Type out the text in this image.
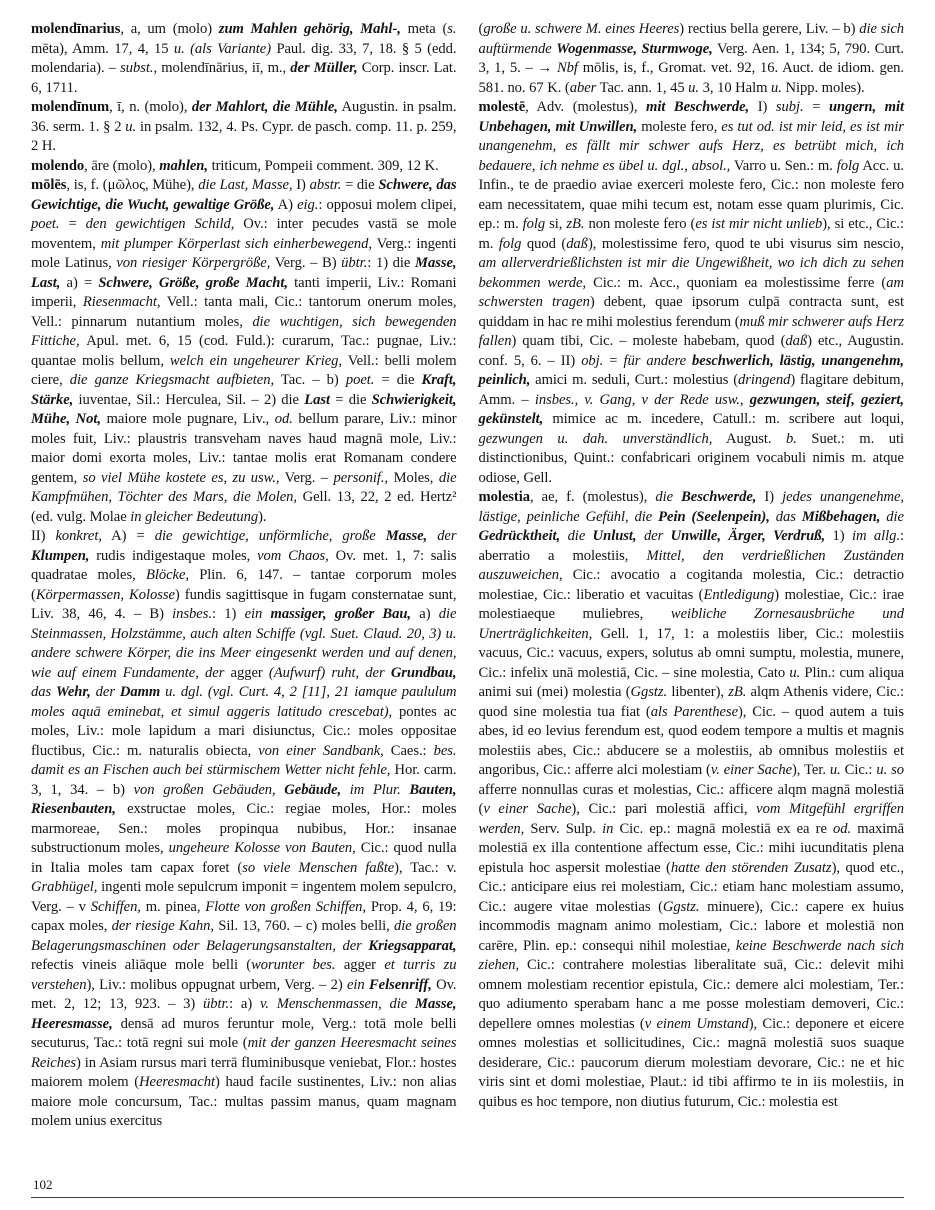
molendīnarius, a, um (molo) zum Mahlen gehörig, Mahl-, meta (s. mēta), Amm. 17, 4, 15 u. (als Variante) Paul. dig. 33, 7, 18. § 5 (edd. molendaria). – subst., molendīnārius, iī, m., der Müller, Corp. inscr. Lat. 6, 1711.

molendīnum, ī, n. (molo), der Mahlort, die Mühle, Augustin. in psalm. 36. serm. 1. § 2 u. in psalm. 132, 4. Ps. Cypr. de pasch. comp. 11. p. 259, 2 H.

molendo, āre (molo), mahlen, triticum, Pompeii comment. 309, 12 K.

mōlēs, is, f. (μῶλος, Mühe), die Last, Masse, I) abstr. = die Schwere, das Gewichtige, die Wucht, gewaltige Größe, A) eig.: opposui molem clipei, poet. = den gewichtigen Schild, Ov.: inter pecudes vastā se mole moventem, mit plumper Körperlast sich einherbewegend, Verg.: ingenti mole Latinus, von riesiger Körpergröße, Verg. – B) übtr.: 1) die Masse, Last, a) = Schwere, Größe, große Macht, tanti imperii, Liv.: Romani imperii, Riesenmacht, Vell.: tanta mali, Cic.: tantorum onerum moles, Vell.: pinnarum nutantium moles, die wuchtigen, sich bewegenden Fittiche, Apul. met. 6, 15 (cod. Fuld.): curarum, Tac.: pugnae, Liv.: quantae molis bellum, welch ein ungeheurer Krieg, Vell.: belli molem ciere, die ganze Kriegsmacht aufbieten, Tac. – b) poet. = die Kraft, Stärke, iuventae, Sil.: Herculea, Sil. – 2) die Last = die Schwierigkeit, Mühe, Not, maiore mole pugnare, Liv., od. bellum parare, Liv.: minor moles fuit, Liv.: plaustris transveham naves haud magnā mole, Liv.: maior domi exorta moles, Liv.: tantae molis erat Romanam condere gentem, so viel Mühe kostete es, zu usw., Verg. – personif., Moles, die Kampfmühen, Töchter des Mars, die Molen, Gell. 13, 22, 2 ed. Hertz² (ed. vulg. Molae in gleicher Bedeutung).

II) konkret, A) = die gewichtige, unförmliche, große Masse, der Klumpen, rudis indigestaque moles, vom Chaos, Ov. met. 1, 7: salis quadratae moles, Blöcke, Plin. 6, 147. – tantae corporum moles (Körpermassen, Kolosse) fundis sagittisque in fugam consternatae sunt, Liv. 38, 46, 4. – B) insbes.: 1) ein massiger, großer Bau, a) die Steinmassen, Holzstämme, auch alten Schiffe (vgl. Suet. Claud. 20, 3) u. andere schwere Körper, die ins Meer eingesenkt werden und auf denen, wie auf einem Fundamente, der agger (Aufwurf) ruht, der Grundbau, das Wehr, der Damm u. dgl. (vgl. Curt. 4, 2 [11], 21 iamque paululum moles aquā eminebat, et simul aggeris latitudo crescebat), pontes ac moles, Liv.: mole lapidum a mari disiunctus, Cic.: moles oppositae fluctibus, Cic.: m. naturalis obiecta, von einer Sandbank, Caes.: bes. damit es an Fischen auch bei stürmischem Wetter nicht fehle, Hor. carm. 3, 1, 34. – b) von großen Gebäuden, Gebäude, im Plur. Bauten, Riesenbauten, exstructae moles, Cic.: regiae moles, Hor.: moles marmoreae, Sen.: moles propinqua nubibus, Hor.: insanae substructionum moles, ungeheure Kolosse von Bauten, Cic.: quod nulla in Italia moles tam capax foret (so viele Menschen faßte), Tac.: v. Grabhügel, ingenti mole sepulcrum imponit = ingentem molem sepulcro, Verg. – v Schiffen, m. pinea, Flotte von großen Schiffen, Prop. 4, 6, 19: capax moles, der riesige Kahn, Sil. 13, 760. – c) moles belli, die großen Belagerungsmaschinen oder Belagerungsanstalten, der Kriegsapparat, refectis vineis aliāque mole belli (worunter bes. agger et turris zu verstehen), Liv.: molibus oppugnat urbem, Verg. – 2) ein Felsenriff, Ov. met. 2, 12; 13, 923. – 3) übtr.: a) v. Menschenmassen, die Masse, Heeresmasse, densā ad muros feruntur mole, Verg.: totā mole belli secuturus, Tac.: totā regni sui mole (mit der ganzen Heeresmacht seines Reiches) in Asiam rursus mari terrā fluminibusque veniebat, Flor.: hostes maiorem molem (Heeresmacht) haud facile sustinentes, Liv.: non alias maiore mole concursum, Tac.: multas passim manus, quam magnam molem unius exercitus

(große u. schwere M. eines Heeres) rectius bella gerere, Liv. – b) die sich auftürmende Wogenmasse, Sturmwoge, Verg. Aen. 1, 134; 5, 790. Curt. 3, 1, 5. – → Nbf mōlis, is, f., Gromat. vet. 92, 16. Auct. de idiom. gen. 581. no. 67 K. (aber Tac. ann. 1, 45 u. 3, 10 Halm u. Nipp. moles).

molestē, Adv. (molestus), mit Beschwerde, I) subj. = ungern, mit Unbehagen, mit Unwillen, moleste fero, es tut od. ist mir leid, es ist mir unangenehm, es fällt mir schwer aufs Herz, es betrübt mich, ich bedauere, ich nehme es übel u. dgl., absol., Varro u. Sen.: m. folg Acc. u. Infin., te de praedio aviae exerceri moleste fero, Cic.: non moleste fero eam necessitatem, quae mihi tecum est, notam esse quam plurimis, Cic. ep.: m. folg si, zB. non moleste fero (es ist mir nicht unlieb), si etc., Cic.: m. folg quod (daß), molestissime fero, quod te ubi visurus sim nescio, am allerverdrießlichsten ist mir die Ungewißheit, wo ich dich zu sehen bekommen werde, Cic.: m. Acc., quoniam ea molestissime ferre (am schwersten tragen) debent, quae ipsorum culpā contracta sunt, est quiddam in hac re mihi molestius ferendum (muß mir schwerer aufs Herz fallen) quam tibi, Cic. – moleste habebam, quod (daß) etc., Augustin. conf. 5, 6. – II) obj. = für andere beschwerlich, lästig, unangenehm, peinlich, amici m. seduli, Curt.: molestius (dringend) flagitare debitum, Amm. – insbes., v. Gang, v der Rede usw., gezwungen, steif, geziert, gekünstelt, mimice ac m. incedere, Catull.: m. scribere aut loqui, gezwungen u. dah. unverständlich, August. b. Suet.: m. uti distinctionibus, Quint.: confabricari originem vocabuli nimis m. atque odiose, Gell.

molestia, ae, f. (molestus), die Beschwerde, I) jedes unangenehme, lästige, peinliche Gefühl, die Pein (Seelenpein), das Mißbehagen, die Gedrücktheit, die Unlust, der Unwille, Ärger, Verdruß, 1) im allg.: aberratio a molestiis, Mittel, den verdrießlichen Zuständen auszuweichen, Cic.: avocatio a cogitanda molestia, Cic.: detractio molestiae, Cic.: liberatio et vacuitas (Entledigung) molestiae, Cic.: irae molestiaeque muliebres, weibliche Zornesausbrüche und Unerträglichkeiten, Gell. 1, 17, 1: a molestiis liber, Cic.: molestiis vacuus, Cic.: vacuus, expers, solutus ab omni sumptu, molestia, munere, Cic.: infelix unā molestiā, Cic. – sine molestia, Cato u. Plin.: cum aliqua animi sui (mei) molestia (Ggstz. libenter), zB. alqm Athenis videre, Cic.: quod sine molestia tua fiat (als Parenthese), Cic. – quod autem a tuis abes, id eo levius ferendum est, quod eodem tempore a multis et magnis molestiis abes, Cic.: abducere se a molestiis, ab omnibus molestiis et angoribus, Cic.: afferre alci molestiam (v. einer Sache), Ter. u. Cic.: u. so afferre nonnullas curas et molestias, Cic.: afficere alqm magnā molestiā (v einer Sache), Cic.: pari molestiā affici, vom Mitgefühl ergriffen werden, Serv. Sulp. in Cic. ep.: magnā molestiā ex ea re od. maximā molestiā ex illa contentione affectum esse, Cic.: mihi iucunditatis plena epistula hoc aspersit molestiae (hatte den störenden Zusatz), quod etc., Cic.: anticipare eius rei molestiam, Cic.: etiam hanc molestiam assumo, Cic.: augere vitae molestias (Ggstz. minuere), Cic.: capere ex huius incommodis magnam animo molestiam, Cic.: labore et molestiā non carēre, Plin. ep.: consequi nihil molestiae, keine Beschwerde nach sich ziehen, Cic.: contrahere molestias liberalitate suā, Cic.: delevit mihi omnem molestiam recentior epistula, Cic.: demere alci molestiam, Ter.: quo adiumento sperabam hanc a me posse molestiam demoveri, Cic.: depellere omnes molestias (v einem Umstand), Cic.: deponere et eicere omnes molestias et sollicitudines, Cic.: magnā molestiā suos suaque desiderare, Cic.: paucorum dierum molestiam devorare, Cic.: ne et hic viris sint et domi molestiae, Plaut.: id tibi affirmo te in iis molestiis, in quibus es hoc tempore, non diutius futurum, Cic.: molestia est

102
